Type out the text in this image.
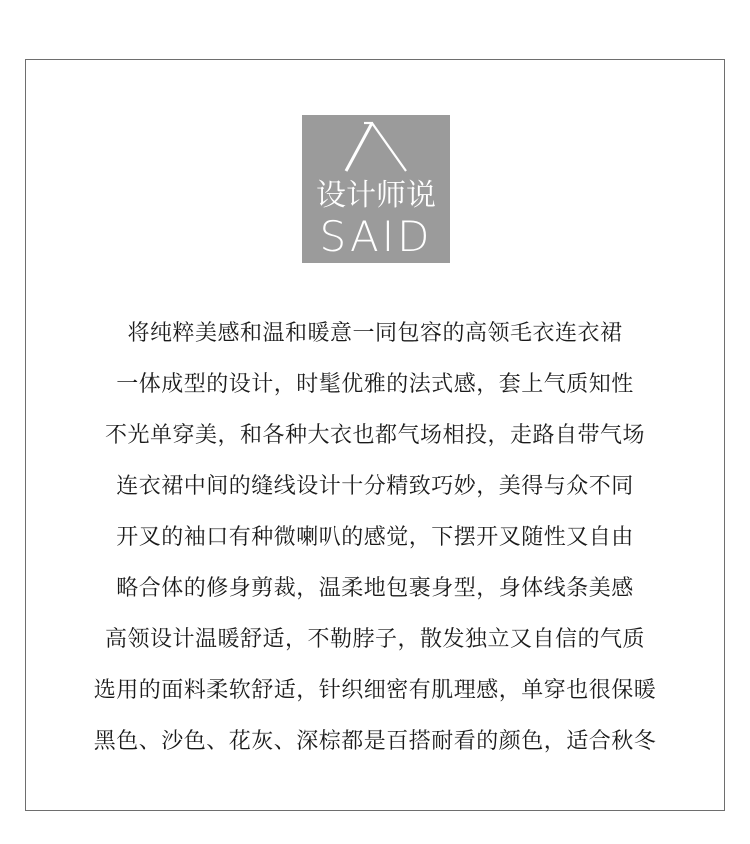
设计师说
SAID
将纯粹美感和温和暖意一同包容的高领毛衣连衣裙
一体成型的设计，时髦优雅的法式感，套上气质知性
不光单穿美，和各种大衣也都气场相投，走路自带气场
连衣裙中间的缝线设计十分精致巧妙，美得与众不同
开叉的袖口有种微喇叭的感觉，下摆开叉随性又自由
略合体的修身剪裁，温柔地包裹身型，身体线条美感
高领设计温暖舒适，不勒脖子，散发独立又自信的气质
选用的面料柔软舒适，针织细密有肌理感，单穿也很保暖
黑色、沙色、花灰、深棕都是百搭耐看的颜色，适合秋冬
